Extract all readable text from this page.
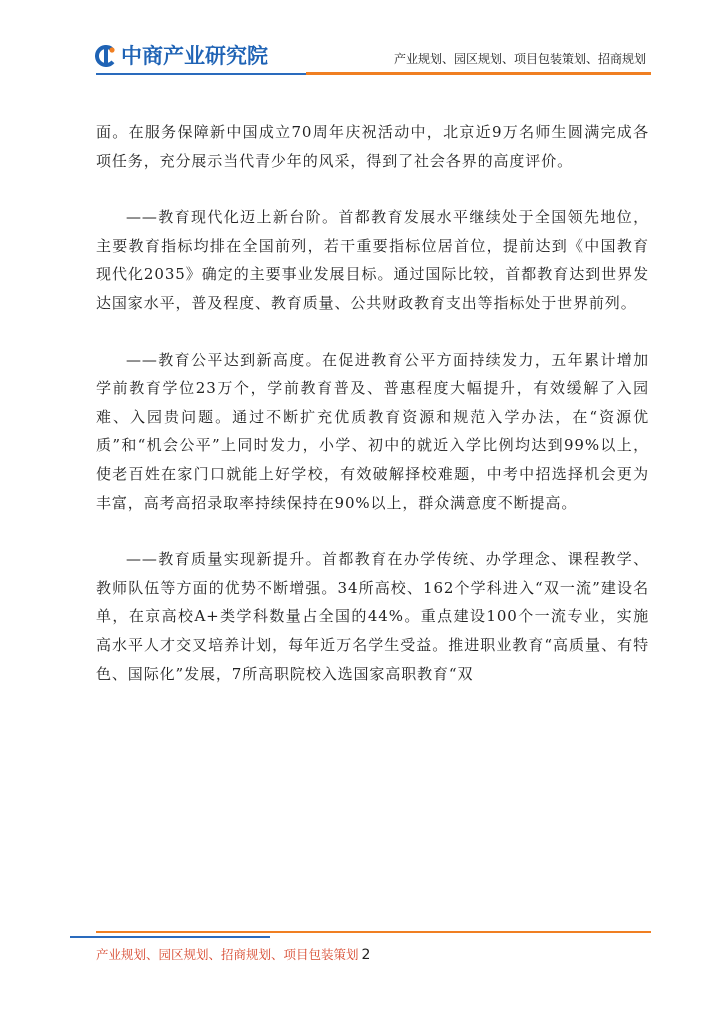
中商产业研究院	产业规划、园区规划、项目包装策划、招商规划

面。在服务保障新中国成立70周年庆祝活动中，北京近9万名师生圆满完成各项任务，充分展示当代青少年的风采，得到了社会各界的高度评价。

——教育现代化迈上新台阶。首都教育发展水平继续处于全国领先地位，主要教育指标均排在全国前列，若干重要指标位居首位，提前达到《中国教育现代化2035》确定的主要事业发展目标。通过国际比较，首都教育达到世界发达国家水平，普及程度、教育质量、公共财政教育支出等指标处于世界前列。

——教育公平达到新高度。在促进教育公平方面持续发力，五年累计增加学前教育学位23万个，学前教育普及、普惠程度大幅提升，有效缓解了入园难、入园贵问题。通过不断扩充优质教育资源和规范入学办法，在“资源优质”和“机会公平”上同时发力，小学、初中的就近入学比例均达到99%以上，使老百姓在家门口就能上好学校，有效破解择校难题，中考中招选择机会更为丰富，高考高招录取率持续保持在90%以上，群众满意度不断提高。

——教育质量实现新提升。首都教育在办学传统、办学理念、课程教学、教师队伍等方面的优势不断增强。34所高校、162个学科进入“双一流”建设名单，在京高校A+类学科数量占全国的44%。重点建设100个一流专业，实施高水平人才交叉培养计划，每年近万名学生受益。推进职业教育“高质量、有特色、国际化”发展，7所高职院校入选国家高职教育“双

产业规划、园区规划、招商规划、项目包装策划 2
